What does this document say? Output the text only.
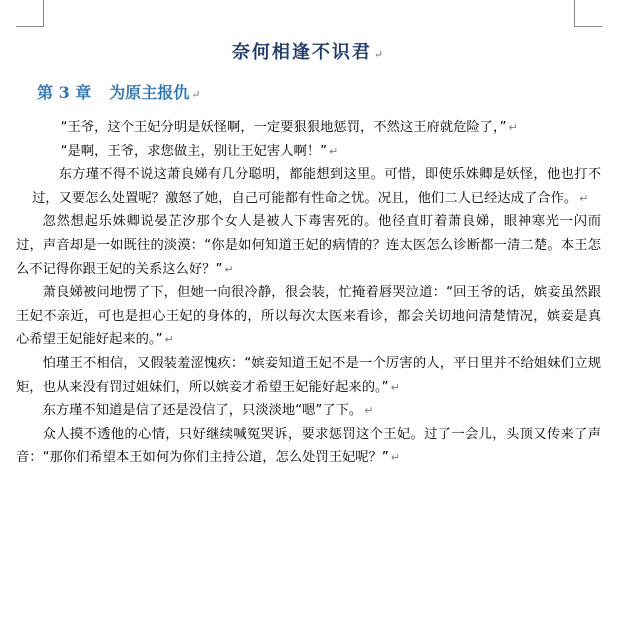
奈何相逢不识君 ↵
第 3 章 为原主报仇 ↵

“王爷，这个王妃分明是妖怪啊，一定要狠狠地惩罚，不然这王府就危险了，” ↵

“是啊，王爷，求您做主，别让王妃害人啊！” ↵

东方瑾不得不说这萧良娣有几分聪明，都能想到这里。可惜，即使乐姝卿是妖怪，他也打不过，又要怎么处置呢？激怒了她，自己可能都有性命之忧。况且，他们二人已经达成了合作。 ↵

忽然想起乐姝卿说晏芷汐那个女人是被人下毒害死的。他径直盯着萧良娣，眼神寒光一闪而过，声音却是一如既往的淡漠：“你是如何知道王妃的病情的？连太医怎么诊断都一清二楚。本王怎么不记得你跟王妃的关系这么好？” ↵

萧良娣被问地愣了下，但她一向很冷静，很会装，忙掩着唇哭泣道：“回王爷的话，嫔妾虽然跟王妃不亲近，可也是担心王妃的身体的，所以每次太医来看诊，都会关切地问清楚情况，嫔妾是真心希望王妃能好起来的。” ↵

怕瑾王不相信，又假装羞涩愧疚：“嫔妾知道王妃不是一个厉害的人，平日里并不给姐妹们立规矩，也从来没有罚过姐妹们，所以嫔妾才希望王妃能好起来的。” ↵

东方瑾不知道是信了还是没信了，只淡淡地“嗯”了下。 ↵

众人摸不透他的心情，只好继续喊冤哭诉，要求惩罚这个王妃。过了一会儿，头顶又传来了声音：“那你们希望本王如何为你们主持公道，怎么处罚王妃呢？” ↵
